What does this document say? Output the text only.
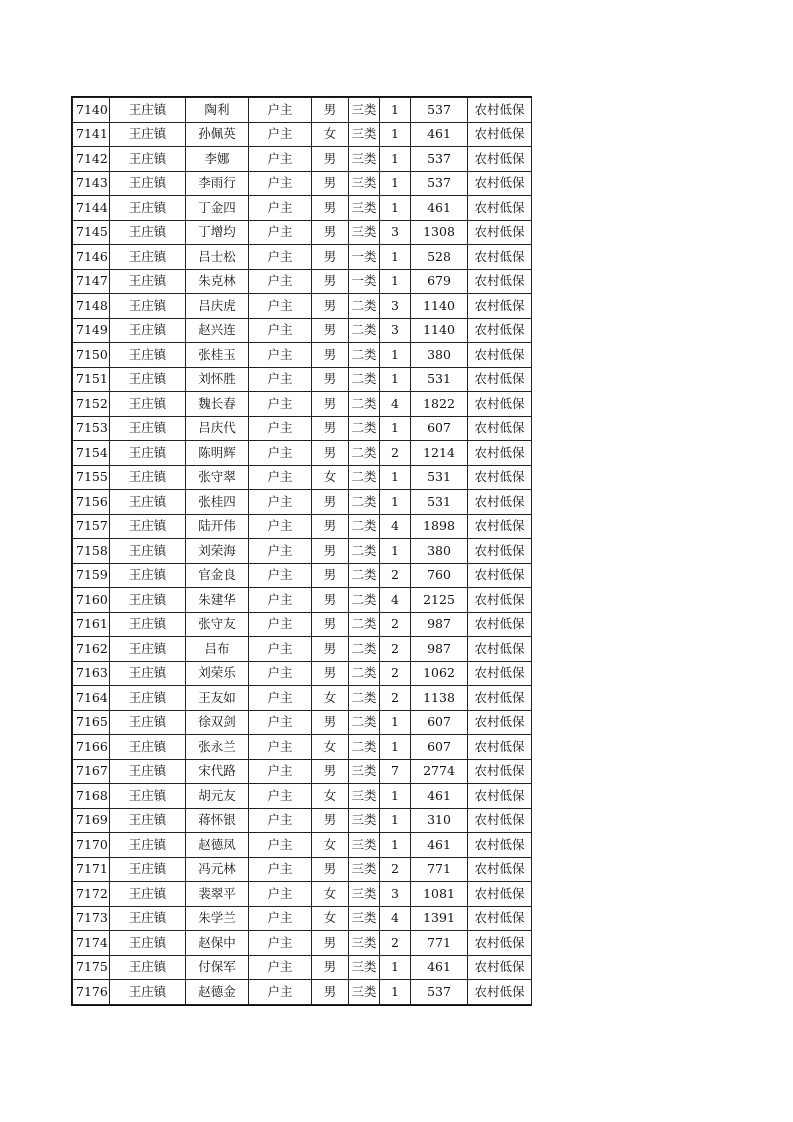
7140	王庄镇	陶利	户主	男	三类	1	537	农村低保
7141	王庄镇	孙佩英	户主	女	三类	1	461	农村低保
7142	王庄镇	李娜	户主	男	三类	1	537	农村低保
7143	王庄镇	李雨行	户主	男	三类	1	537	农村低保
7144	王庄镇	丁金四	户主	男	三类	1	461	农村低保
7145	王庄镇	丁增均	户主	男	三类	3	1308	农村低保
7146	王庄镇	吕士松	户主	男	一类	1	528	农村低保
7147	王庄镇	朱克林	户主	男	一类	1	679	农村低保
7148	王庄镇	吕庆虎	户主	男	二类	3	1140	农村低保
7149	王庄镇	赵兴连	户主	男	二类	3	1140	农村低保
7150	王庄镇	张桂玉	户主	男	二类	1	380	农村低保
7151	王庄镇	刘怀胜	户主	男	二类	1	531	农村低保
7152	王庄镇	魏长春	户主	男	二类	4	1822	农村低保
7153	王庄镇	吕庆代	户主	男	二类	1	607	农村低保
7154	王庄镇	陈明辉	户主	男	二类	2	1214	农村低保
7155	王庄镇	张守翠	户主	女	二类	1	531	农村低保
7156	王庄镇	张桂四	户主	男	二类	1	531	农村低保
7157	王庄镇	陆开伟	户主	男	二类	4	1898	农村低保
7158	王庄镇	刘荣海	户主	男	二类	1	380	农村低保
7159	王庄镇	官金良	户主	男	二类	2	760	农村低保
7160	王庄镇	朱建华	户主	男	二类	4	2125	农村低保
7161	王庄镇	张守友	户主	男	二类	2	987	农村低保
7162	王庄镇	吕布	户主	男	二类	2	987	农村低保
7163	王庄镇	刘荣乐	户主	男	二类	2	1062	农村低保
7164	王庄镇	王友如	户主	女	二类	2	1138	农村低保
7165	王庄镇	徐双剑	户主	男	二类	1	607	农村低保
7166	王庄镇	张永兰	户主	女	二类	1	607	农村低保
7167	王庄镇	宋代路	户主	男	三类	7	2774	农村低保
7168	王庄镇	胡元友	户主	女	三类	1	461	农村低保
7169	王庄镇	蒋怀银	户主	男	三类	1	310	农村低保
7170	王庄镇	赵德凤	户主	女	三类	1	461	农村低保
7171	王庄镇	冯元林	户主	男	三类	2	771	农村低保
7172	王庄镇	裴翠平	户主	女	三类	3	1081	农村低保
7173	王庄镇	朱学兰	户主	女	三类	4	1391	农村低保
7174	王庄镇	赵保中	户主	男	三类	2	771	农村低保
7175	王庄镇	付保军	户主	男	三类	1	461	农村低保
7176	王庄镇	赵德金	户主	男	三类	1	537	农村低保
